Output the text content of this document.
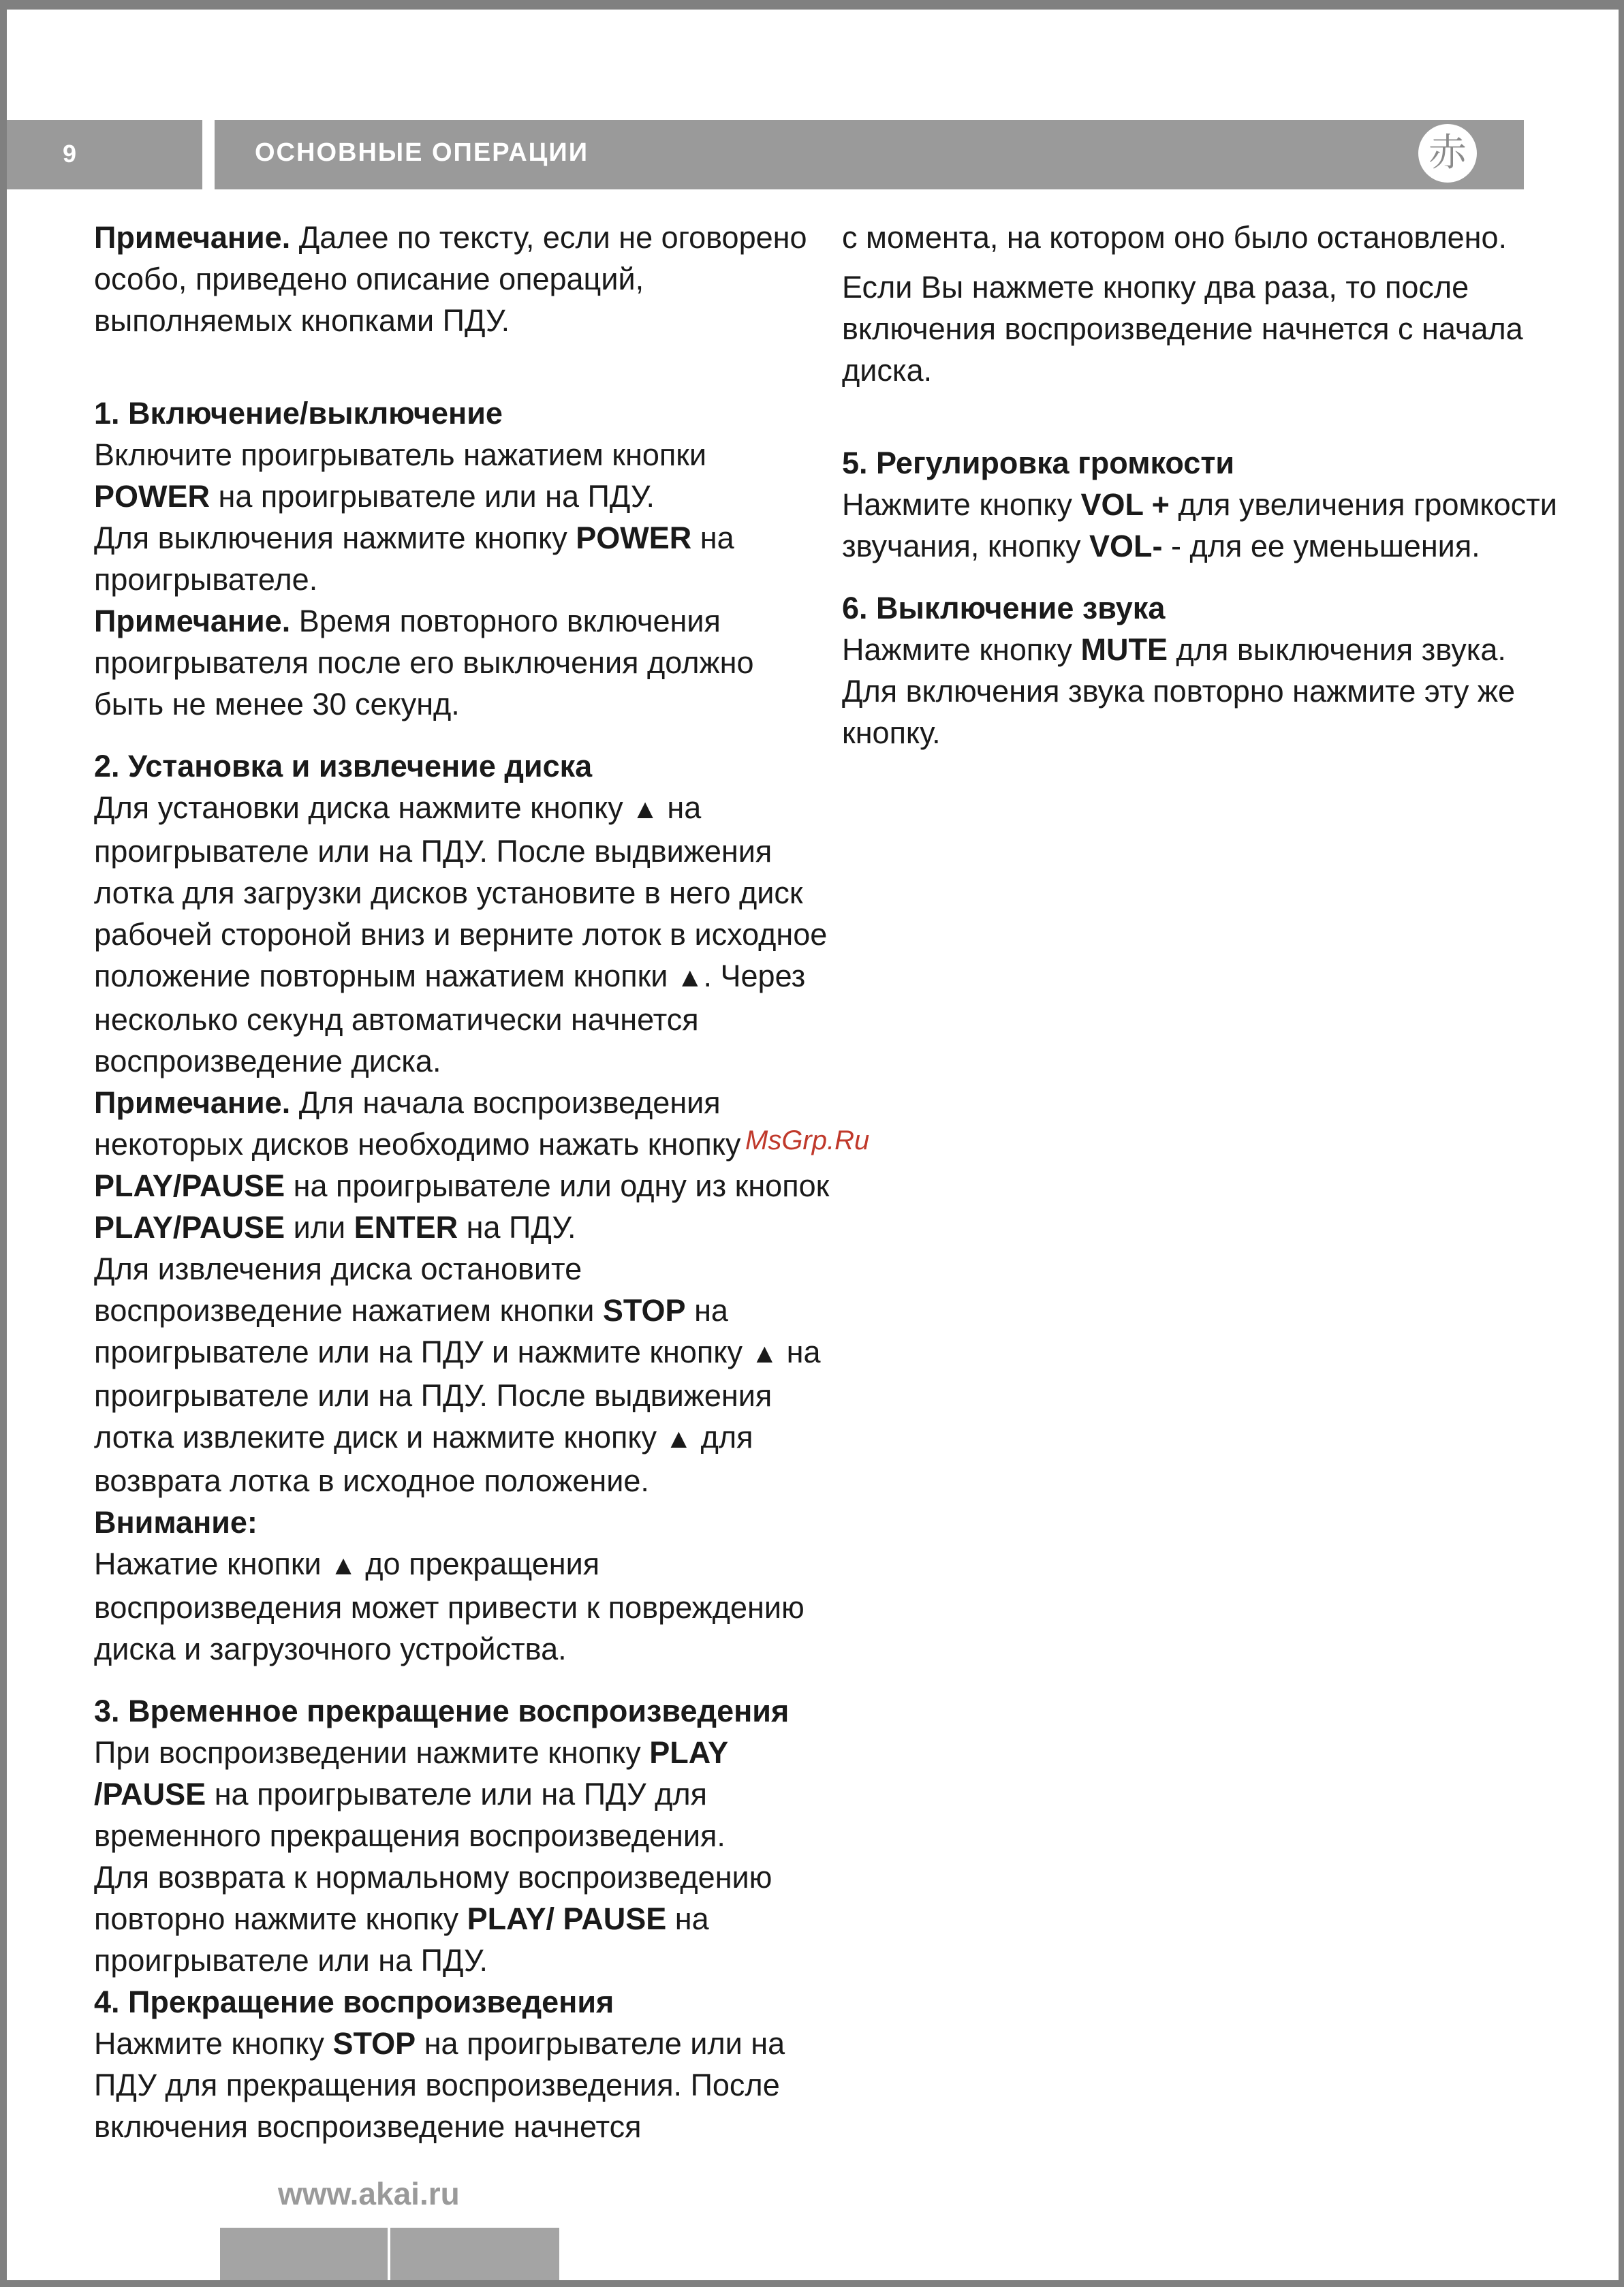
9	ОСНОВНЫЕ ОПЕРАЦИИ	赤

Примечание. Далее по тексту, если не оговорено особо, приведено описание операций, выполняемых кнопками ПДУ.

1. Включение/выключение

Включите проигрыватель нажатием кнопки POWER на проигрывателе или на ПДУ.

Для выключения нажмите кнопку POWER на проигрывателе.

Примечание. Время повторного включения проигрывателя после его выключения должно быть не менее 30 секунд.

2. Установка и извлечение диска

Для установки диска нажмите кнопку ▲ на проигрывателе или на ПДУ. После выдвижения лотка для загрузки дисков установите в него диск рабочей стороной вниз и верните лоток в исходное положение повторным нажатием кнопки ▲. Через несколько секунд автоматически начнется воспроизведение диска.

Примечание. Для начала воспроизведения некоторых дисков необходимо нажать кнопку PLAY/PAUSE на проигрывателе или одну из кнопок PLAY/PAUSE или ENTER на ПДУ.

Для извлечения диска остановите воспроизведение нажатием кнопки STOP на проигрывателе или на ПДУ и нажмите кнопку ▲ на проигрывателе или на ПДУ. После выдвижения лотка извлеките диск и нажмите кнопку ▲ для возврата лотка в исходное положение.

Внимание:

Нажатие кнопки ▲ до прекращения воспроизведения может привести к повреждению диска и загрузочного устройства.

3. Временное прекращение воспроизведения

При воспроизведении нажмите кнопку PLAY /PAUSE на проигрывателе или на ПДУ для временного прекращения воспроизведения.

Для возврата к нормальному воспроизведению повторно нажмите кнопку PLAY/ PAUSE на проигрывателе или на ПДУ.

4. Прекращение воспроизведения

Нажмите кнопку STOP на проигрывателе или на ПДУ для прекращения воспроизведения. После включения воспроизведение начнется

с момента, на котором оно было остановлено.

Если Вы нажмете кнопку два раза, то после включения воспроизведение начнется с начала диска.

5. Регулировка громкости

Нажмите кнопку VOL + для увеличения громкости звучания, кнопку VOL- - для ее уменьшения.

6. Выключение звука

Нажмите кнопку MUTE для выключения звука.

Для включения звука повторно нажмите эту же кнопку.

MsGrp.Ru
www.akai.ru
